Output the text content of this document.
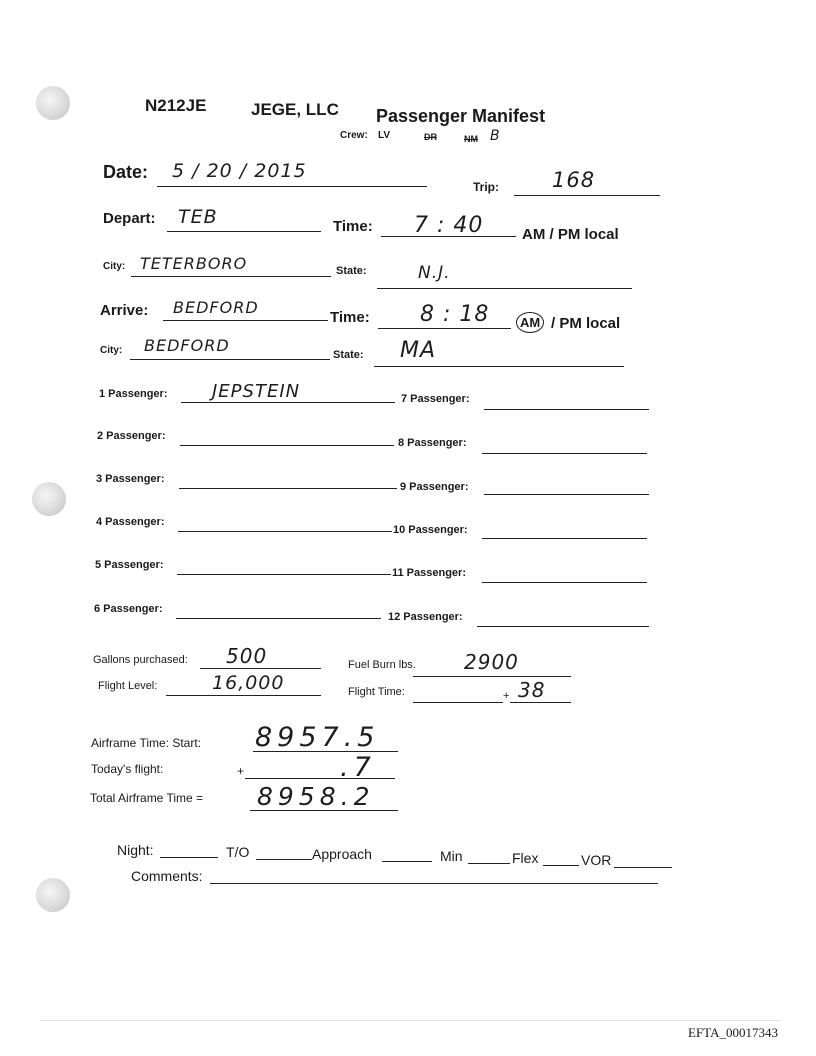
N212JE	JEGE, LLC Passenger Manifest
Crew: LV	DR	NM B
Date: 5 / 20 / 2015
Trip:	168
Depart: TEB	Time: 7 : 40	AM / PM local
City: TETERBORO	State:	N.J.
Arrive: BEDFORD
Time: 8 : 18	AM / PM local
City: BEDFORD	State: MA
1 Passenger: JEPSTEIN
2 Passenger:
3 Passenger:
4 Passenger:
5 Passenger:
6 Passenger:
7 Passenger:
8 Passenger:
9 Passenger:
10 Passenger:
11 Passenger:
12 Passenger:
Gallons purchased: 500	Fuel Burn lbs. 2900
Flight Level:	16,000	Flight Time:	+ 38
Airframe Time: Start: 8957.5
Today's flight:	+	.7
Total Airframe Time = 8958.2
Night:	T/O	Approach	Min	Flex	VOR
Comments:
EFTA_00017343
